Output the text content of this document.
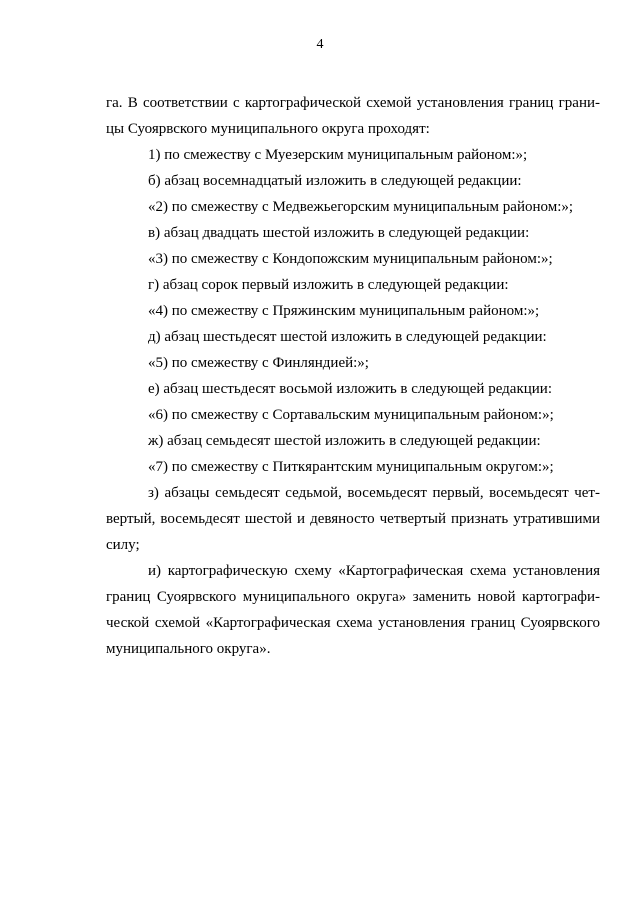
4

га. В соответствии с картографической схемой установления границ грани-цы Суоярвского муниципального округа проходят:

1) по смежеству с Муезерским муниципальным районом:»;

б) абзац восемнадцатый изложить в следующей редакции:

«2) по смежеству с Медвежьегорским муниципальным районом:»;

в) абзац двадцать шестой изложить в следующей редакции:

«3) по смежеству с Кондопожским муниципальным районом:»;

г) абзац сорок первый изложить в следующей редакции:

«4) по смежеству с Пряжинским муниципальным районом:»;

д) абзац шестьдесят шестой изложить в следующей редакции:

«5) по смежеству с Финляндией:»;

е) абзац шестьдесят восьмой изложить в следующей редакции:

«6) по смежеству с Сортавальским муниципальным районом:»;

ж) абзац семьдесят шестой изложить в следующей редакции:

«7) по смежеству с Питкярантским муниципальным округом:»;

з) абзацы семьдесят седьмой, восемьдесят первый, восемьдесят чет-вертый, восемьдесят шестой и девяносто четвертый признать утратившими силу;

и) картографическую схему «Картографическая схема установления границ Суоярвского муниципального округа» заменить новой картографи-ческой схемой «Картографическая схема установления границ Суоярвского муниципального округа».
